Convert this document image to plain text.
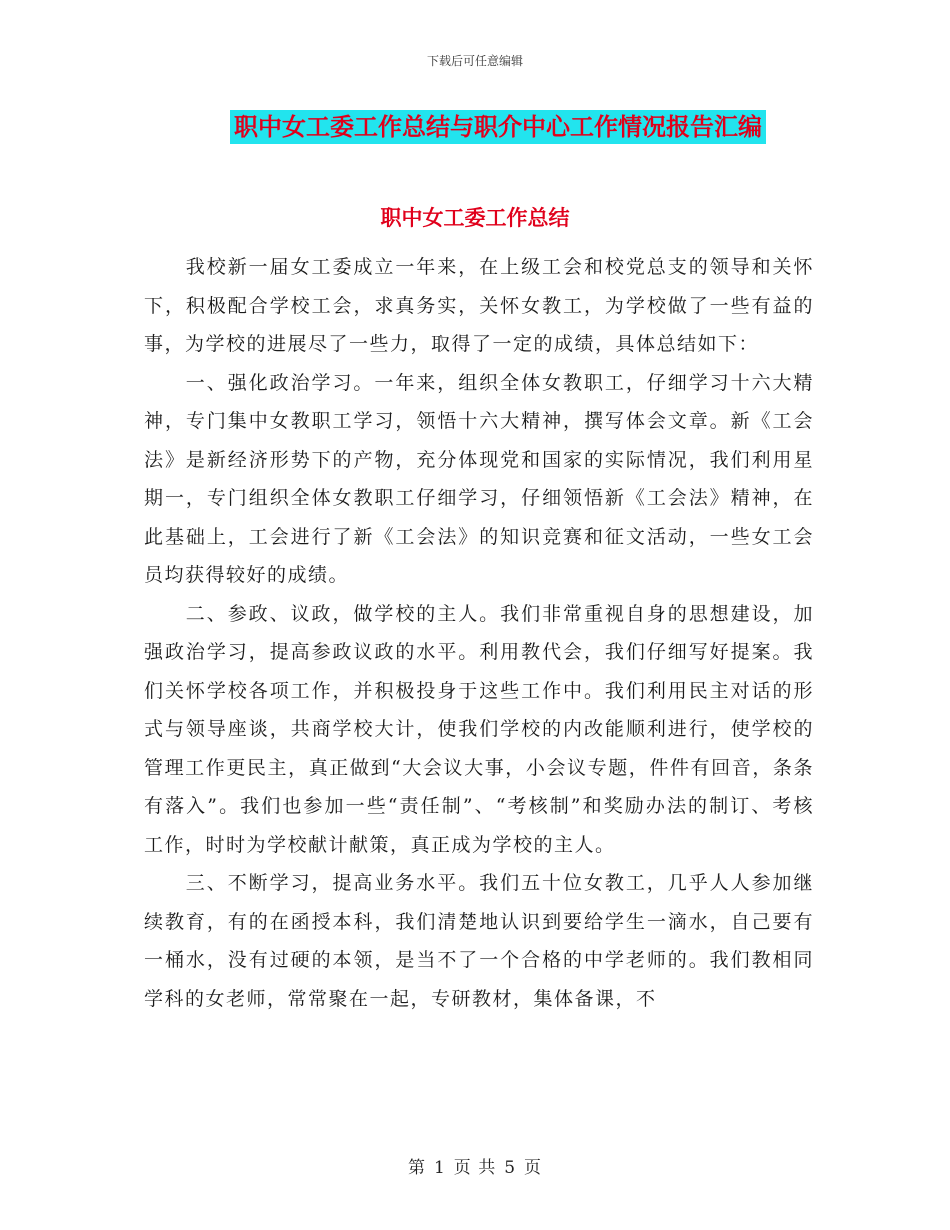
下载后可任意编辑
职中女工委工作总结与职介中心工作情况报告汇编
职中女工委工作总结

我校新一届女工委成立一年来，在上级工会和校党总支的领导和关怀下，积极配合学校工会，求真务实，关怀女教工，为学校做了一些有益的事，为学校的进展尽了一些力，取得了一定的成绩，具体总结如下：

一、强化政治学习。一年来，组织全体女教职工，仔细学习十六大精神，专门集中女教职工学习，领悟十六大精神，撰写体会文章。新《工会法》是新经济形势下的产物，充分体现党和国家的实际情况，我们利用星期一，专门组织全体女教职工仔细学习，仔细领悟新《工会法》精神，在此基础上，工会进行了新《工会法》的知识竞赛和征文活动，一些女工会员均获得较好的成绩。

二、参政、议政，做学校的主人。我们非常重视自身的思想建设，加强政治学习，提高参政议政的水平。利用教代会，我们仔细写好提案。我们关怀学校各项工作，并积极投身于这些工作中。我们利用民主对话的形式与领导座谈，共商学校大计，使我们学校的内改能顺利进行，使学校的管理工作更民主，真正做到“大会议大事，小会议专题，件件有回音，条条有落入”。我们也参加一些“责任制”、“考核制”和奖励办法的制订、考核工作，时时为学校献计献策，真正成为学校的主人。

三、不断学习，提高业务水平。我们五十位女教工，几乎人人参加继续教育，有的在函授本科，我们清楚地认识到要给学生一滴水，自己要有一桶水，没有过硬的本领，是当不了一个合格的中学老师的。我们教相同学科的女老师，常常聚在一起，专研教材，集体备课，不

第 1 页 共 5 页
